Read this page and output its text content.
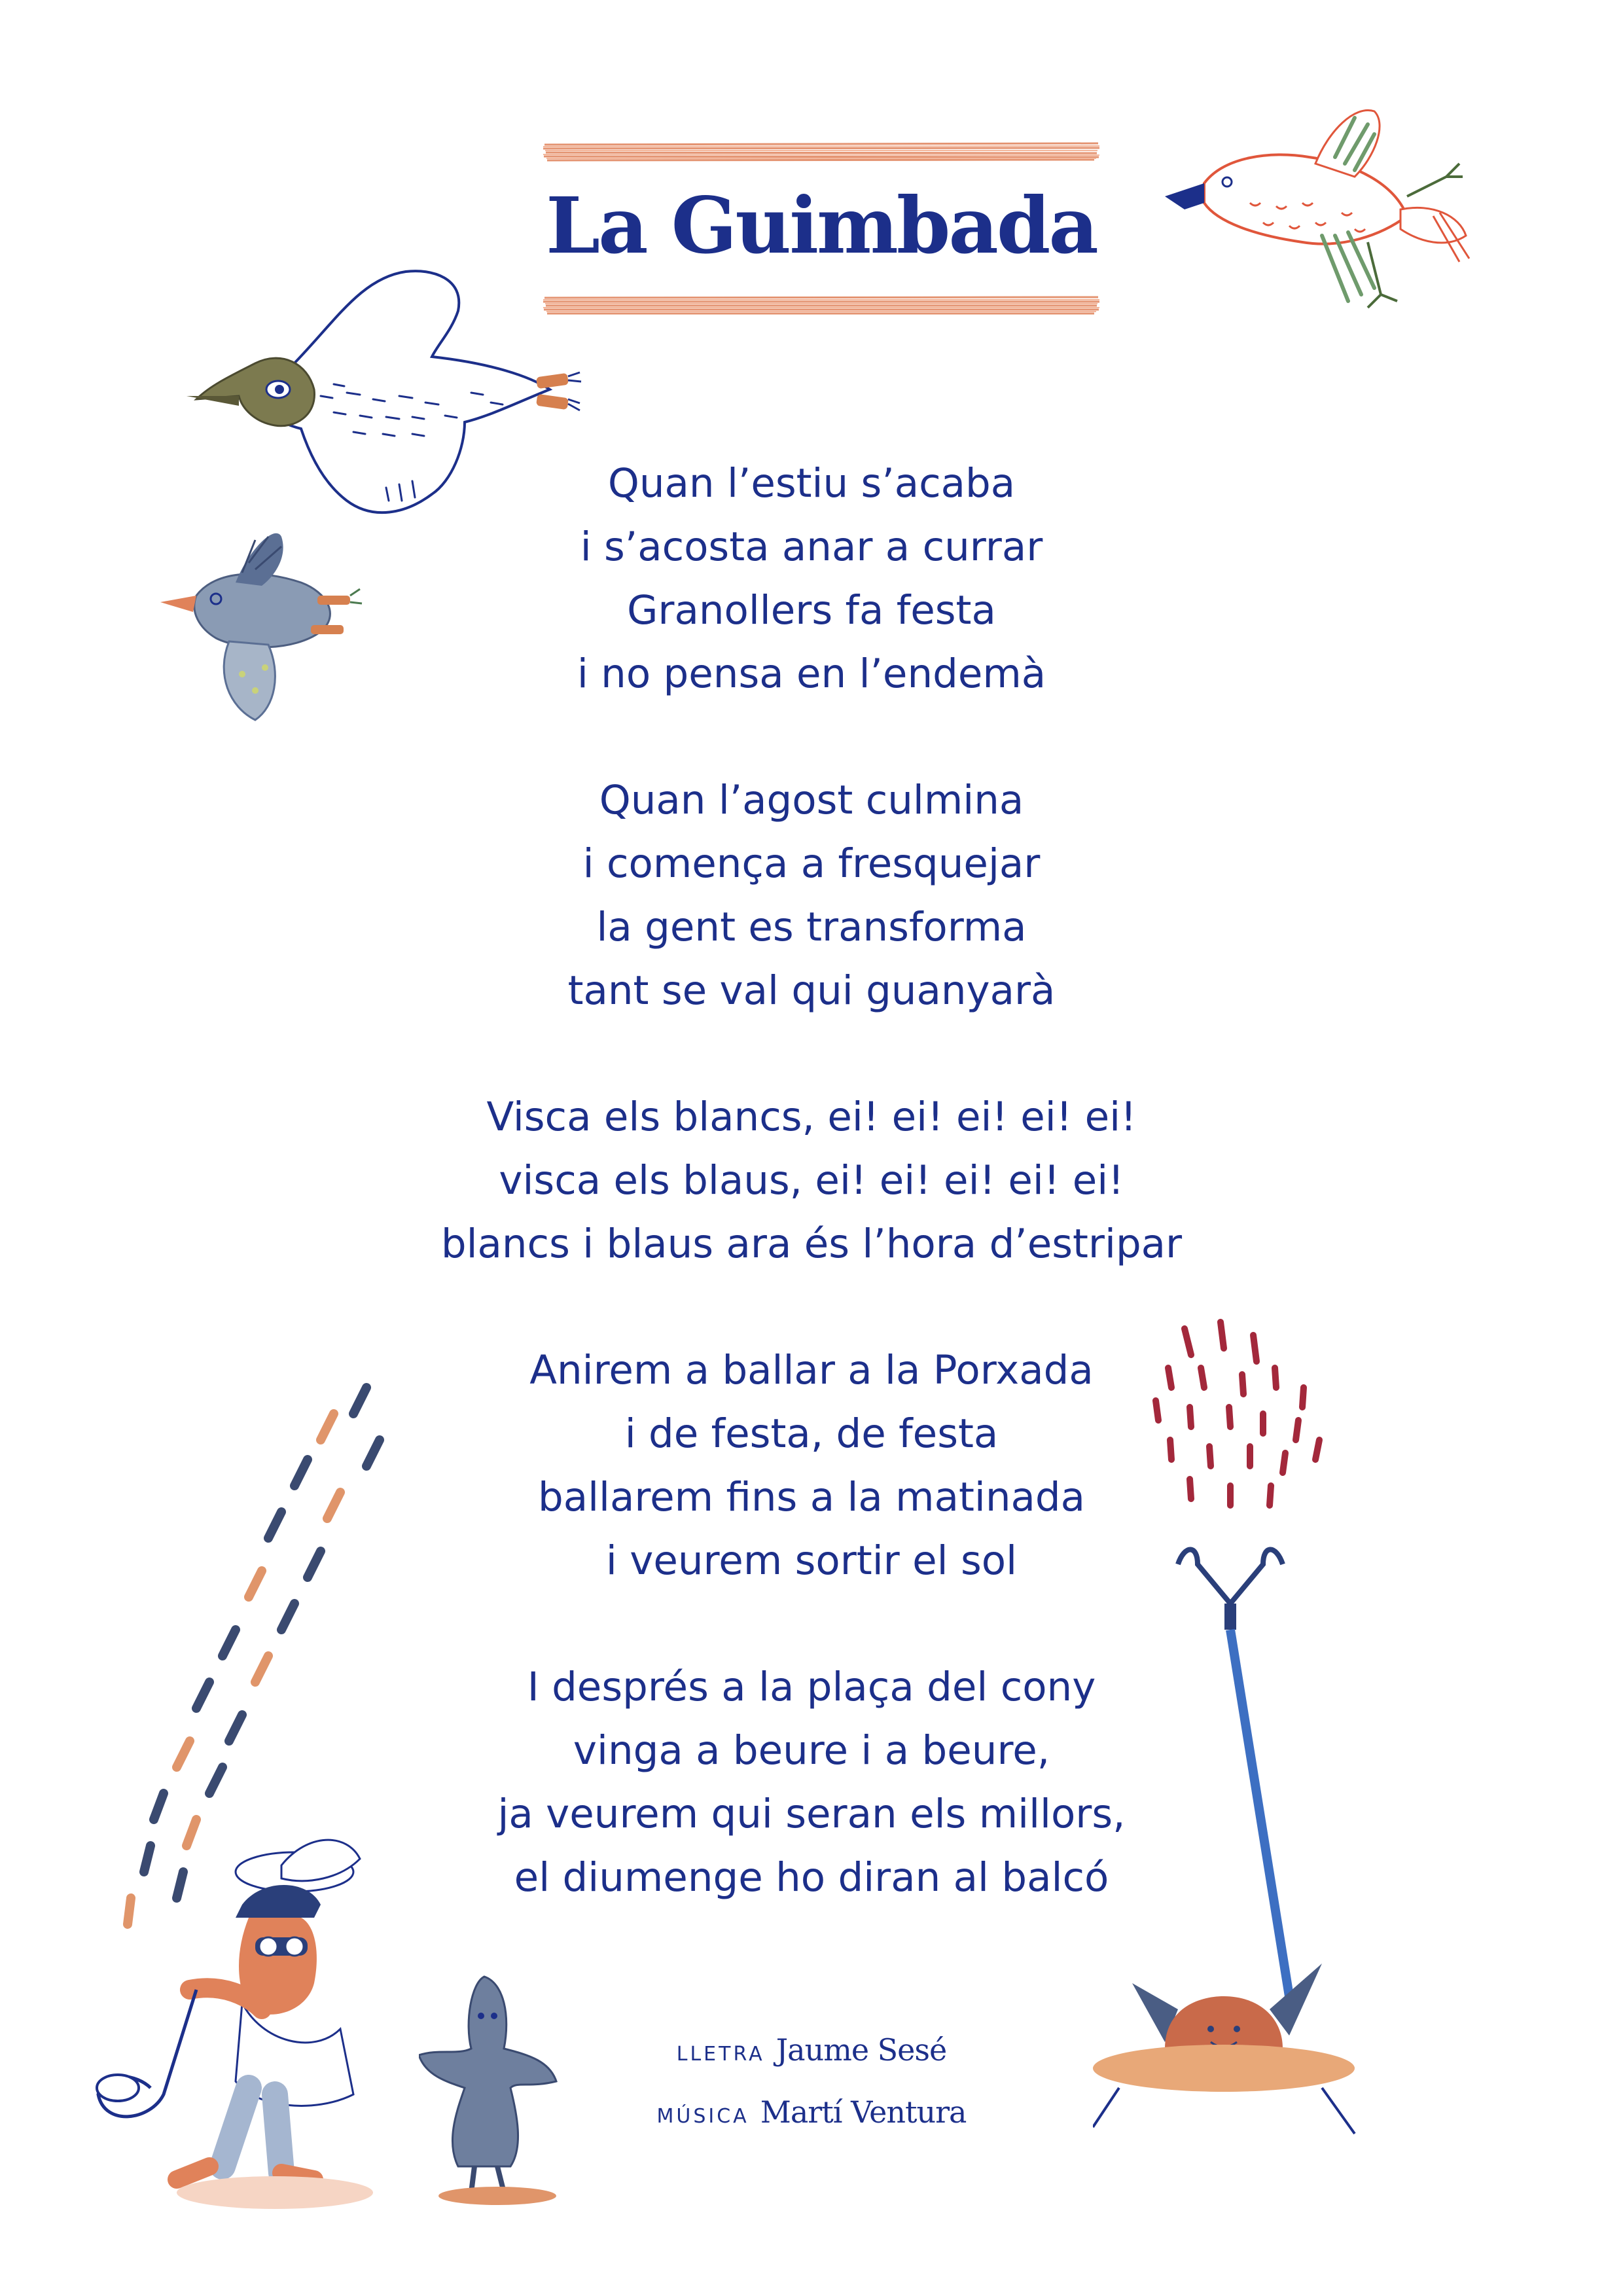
La Guimbada
Quan l’estiu s’acaba
i s’acosta anar a currar
Granollers fa festa
i no pensa en l’endemà
Quan l’agost culmina
i comença a fresquejar
la gent es transforma
tant se val qui guanyarà
Visca els blancs, ei! ei! ei! ei! ei!
visca els blaus, ei! ei! ei! ei! ei!
blancs i blaus ara és l’hora d’estripar
Anirem a ballar a la Porxada
i de festa, de festa
ballarem fins a la matinada
i veurem sortir el sol
I després a la plaça del cony
vinga a beure i a beure,
ja veurem qui seran els millors,
el diumenge ho diran al balcó
LLETRA Jaume Sesé
MÚSICA Martí Ventura
